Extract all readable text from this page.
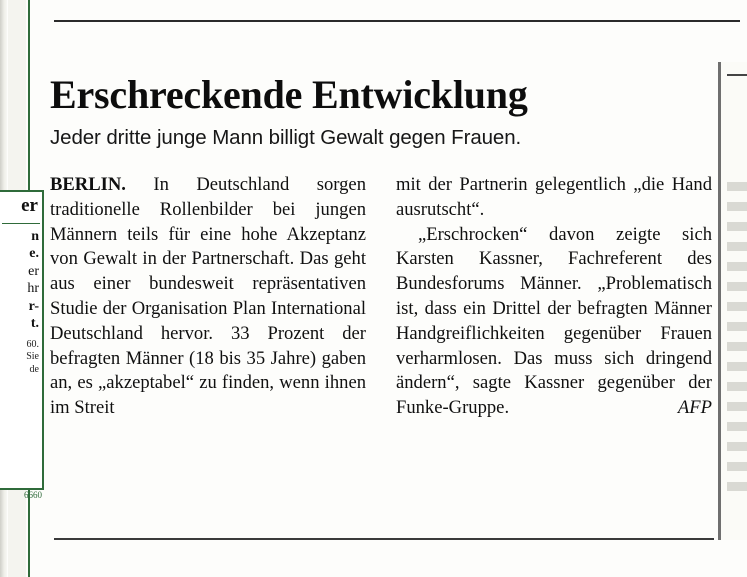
er
n
e.
er
hr
r-
t.
60.
Sie
de
6660
Erschreckende Entwicklung
Jeder dritte junge Mann billigt Gewalt gegen Frauen.

BERLIN. In Deutschland sorgen traditionelle Rollenbilder bei jungen Männern teils für eine hohe Akzeptanz von Gewalt in der Partnerschaft. Das geht aus einer bundesweit repräsentativen Studie der Organisation Plan International Deutschland hervor. 33 Prozent der befragten Männer (18 bis 35 Jahre) gaben an, es „akzeptabel“ zu finden, wenn ihnen im Streit

mit der Partnerin gelegentlich „die Hand ausrutscht“.

„Erschrocken“ davon zeigte sich Karsten Kassner, Fachreferent des Bundesforums Männer. „Problematisch ist, dass ein Drittel der befragten Männer Handgreiflichkeiten gegenüber Frauen verharmlosen. Das muss sich dringend ändern“, sagte Kassner gegenüber der Funke-Gruppe.	AFP
